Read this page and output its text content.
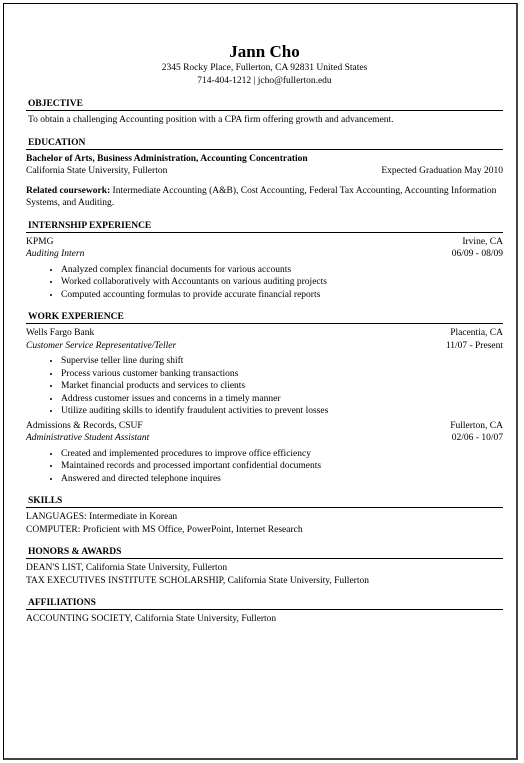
Jann Cho
2345 Rocky Place, Fullerton, CA 92831 United States
714-404-1212 | jcho@fullerton.edu
OBJECTIVE
To obtain a challenging Accounting position with a CPA firm offering growth and advancement.
EDUCATION
Bachelor of Arts, Business Administration, Accounting Concentration
California State University, Fullerton	Expected Graduation May 2010
Related coursework: Intermediate Accounting (A&B), Cost Accounting, Federal Tax Accounting, Accounting Information Systems, and Auditing.
INTERNSHIP EXPERIENCE
KPMG	Irvine, CA
Auditing Intern	06/09 - 08/09
• Analyzed complex financial documents for various accounts
• Worked collaboratively with Accountants on various auditing projects
• Computed accounting formulas to provide accurate financial reports
WORK EXPERIENCE
Wells Fargo Bank	Placentia, CA
Customer Service Representative/Teller	11/07 - Present
• Supervise teller line during shift
• Process various customer banking transactions
• Market financial products and services to clients
• Address customer issues and concerns in a timely manner
• Utilize auditing skills to identify fraudulent activities to prevent losses
Admissions & Records, CSUF	Fullerton, CA
Administrative Student Assistant	02/06 - 10/07
• Created and implemented procedures to improve office efficiency
• Maintained records and processed important confidential documents
• Answered and directed telephone inquires
SKILLS
LANGUAGES: Intermediate in Korean
COMPUTER: Proficient with MS Office, PowerPoint, Internet Research
HONORS & AWARDS
DEAN'S LIST, California State University, Fullerton
TAX EXECUTIVES INSTITUTE SCHOLARSHIP, California State University, Fullerton
AFFILIATIONS
ACCOUNTING SOCIETY, California State University, Fullerton
